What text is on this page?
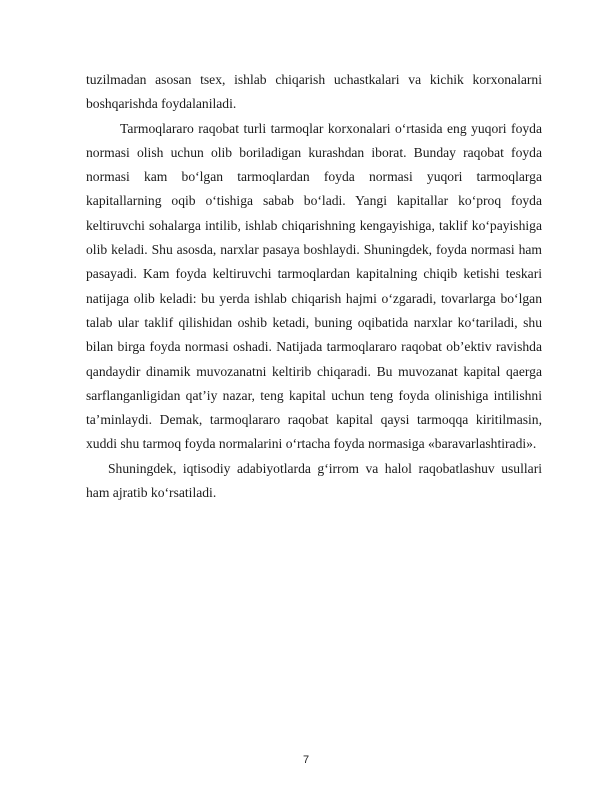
tuzilmadan asosan tsex, ishlab chiqarish uchastkalari va kichik korxonalarni boshqarishda foydalaniladi.

Tarmoqlararo raqobat turli tarmoqlar korxonalari o‘rtasida eng yuqori foyda normasi olish uchun olib boriladigan kurashdan iborat. Bunday raqobat foyda normasi kam bo‘lgan tarmoqlardan foyda normasi yuqori tarmoqlarga kapitallarning oqib o‘tishiga sabab bo‘ladi. Yangi kapitallar ko‘proq foyda keltiruvchi sohalarga intilib, ishlab chiqarishning kengayishiga, taklif ko‘payishiga olib keladi. Shu asosda, narxlar pasaya boshlaydi. Shuningdek, foyda normasi ham pasayadi. Kam foyda keltiruvchi tarmoqlardan kapitalning chiqib ketishi teskari natijaga olib keladi: bu yerda ishlab chiqarish hajmi o‘zgaradi, tovarlarga bo‘lgan talab ular taklif qilishidan oshib ketadi, buning oqibatida narxlar ko‘tariladi, shu bilan birga foyda normasi oshadi. Natijada tarmoqlararo raqobat ob’ektiv ravishda qandaydir dinamik muvozanatni keltirib chiqaradi. Bu muvozanat kapital qaerga sarflanganligidan qat’iy nazar, teng kapital uchun teng foyda olinishiga intilishni ta’minlaydi. Demak, tarmoqlararo raqobat kapital qaysi tarmoqqa kiritilmasin, xuddi shu tarmoq foyda normalarini o‘rtacha foyda normasiga «baravarlashtiradi».

Shuningdek, iqtisodiy adabiyotlarda g‘irrom va halol raqobatlashuv usullari ham ajratib ko‘rsatiladi.

7
